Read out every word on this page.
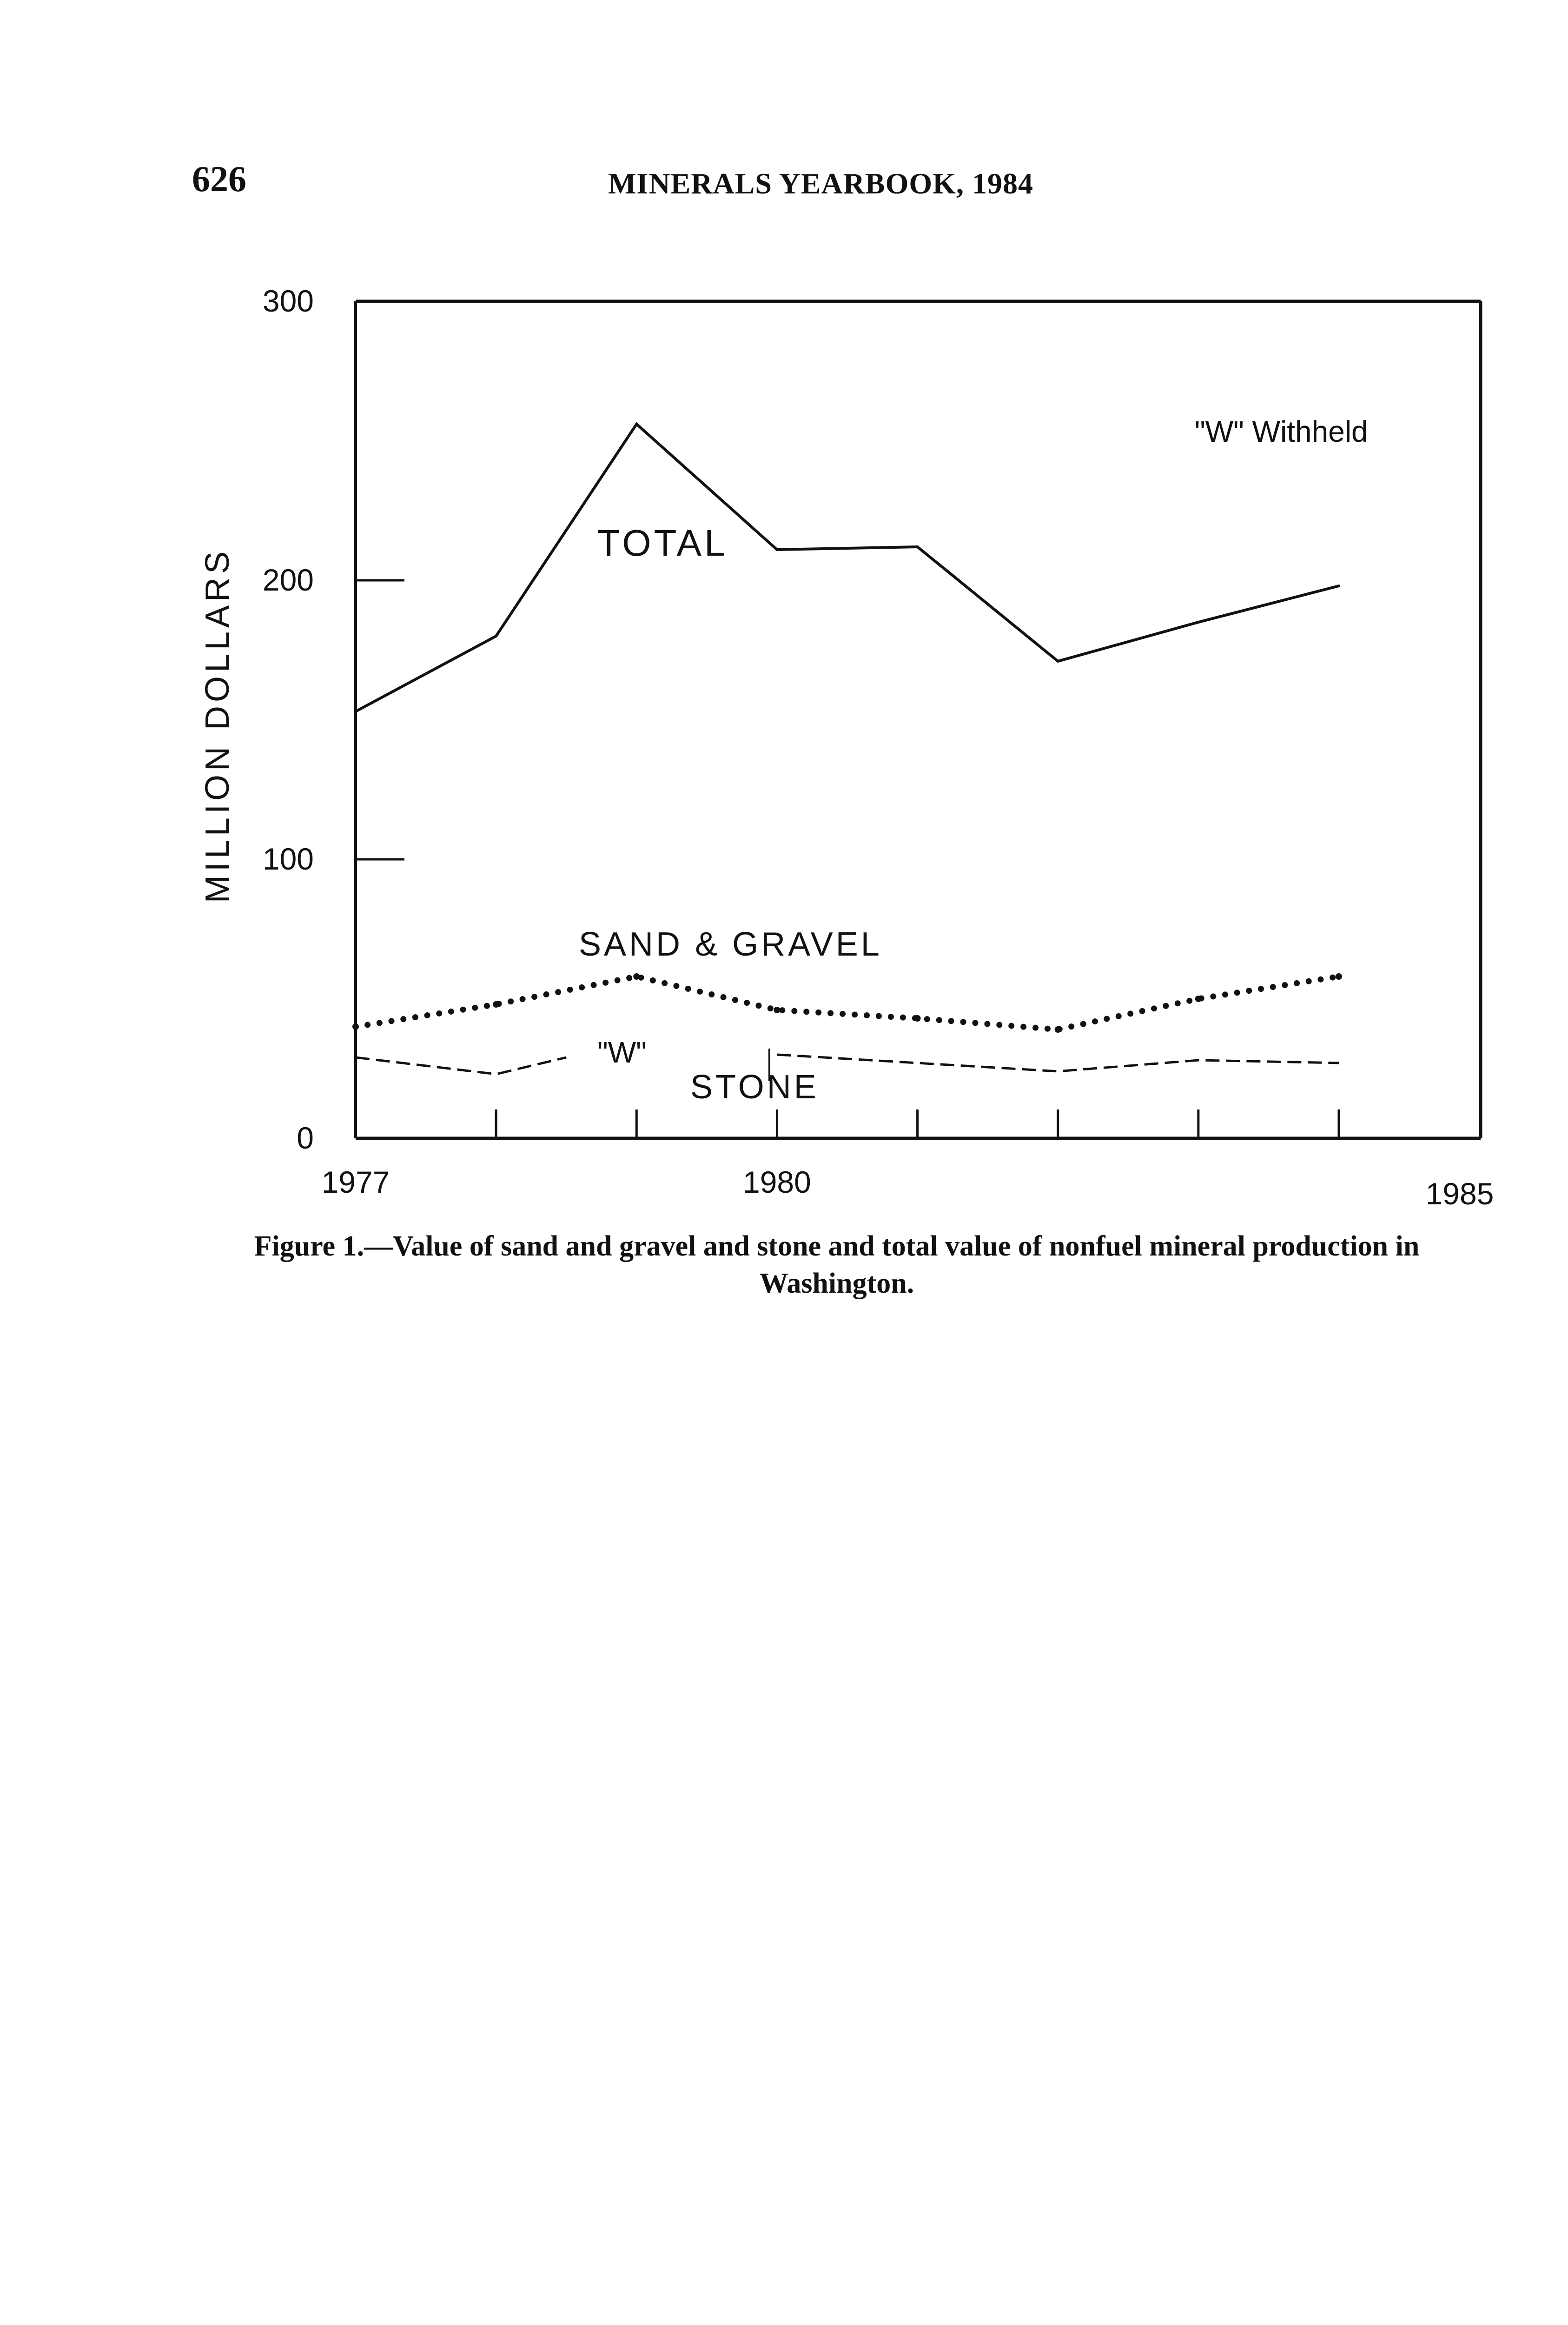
626	MINERALS YEARBOOK, 1984
0
100
200
300
1977	1980	1985
MILLION DOLLARS
TOTAL
SAND & GRAVEL
STONE
"W" Withheld
"W"
Figure 1.—Value of sand and gravel and stone and total value of nonfuel mineral production in Washington.
